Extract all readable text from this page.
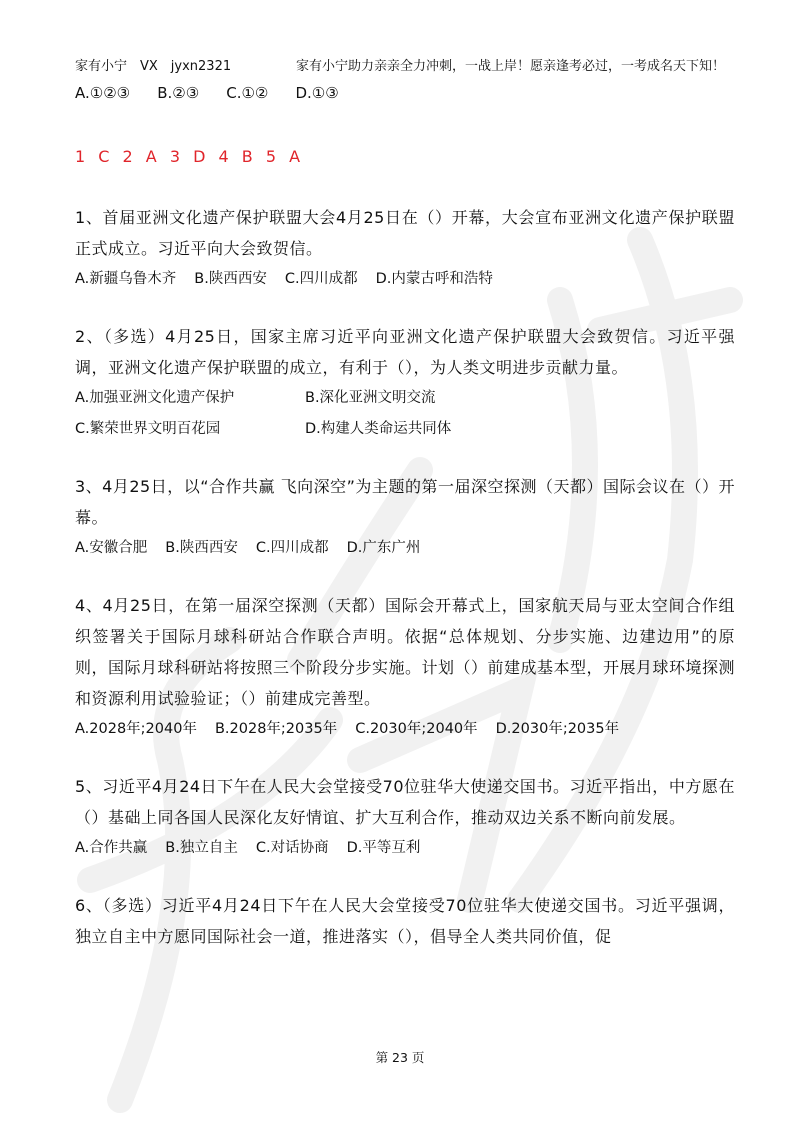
家有小宁　VX　jyxn2321	家有小宁助力亲亲全力冲刺，一战上岸！愿亲逢考必过，一考成名天下知！
A.①②③ B.②③ C.①② D.①③
1 C 2 A 3 D 4 B 5 A

1、首届亚洲文化遗产保护联盟大会4月25日在（）开幕，大会宣布亚洲文化遗产保护联盟正式成立。习近平向大会致贺信。

A.新疆乌鲁木齐 B.陕西西安 C.四川成都 D.内蒙古呼和浩特

2、（多选）4月25日，国家主席习近平向亚洲文化遗产保护联盟大会致贺信。习近平强调，亚洲文化遗产保护联盟的成立，有利于（），为人类文明进步贡献力量。

A.加强亚洲文化遗产保护	B.深化亚洲文明交流
C.繁荣世界文明百花园	D.构建人类命运共同体

3、4月25日，以“合作共赢 飞向深空”为主题的第一届深空探测（天都）国际会议在（）开幕。

A.安徽合肥 B.陕西西安 C.四川成都 D.广东广州

4、4月25日，在第一届深空探测（天都）国际会开幕式上，国家航天局与亚太空间合作组织签署关于国际月球科研站合作联合声明。依据“总体规划、分步实施、边建边用”的原则，国际月球科研站将按照三个阶段分步实施。计划（）前建成基本型，开展月球环境探测和资源利用试验验证；（）前建成完善型。

A.2028年;2040年 B.2028年;2035年 C.2030年;2040年 D.2030年;2035年

5、习近平4月24日下午在人民大会堂接受70位驻华大使递交国书。习近平指出，中方愿在（）基础上同各国人民深化友好情谊、扩大互利合作，推动双边关系不断向前发展。

A.合作共赢 B.独立自主 C.对话协商 D.平等互利

6、（多选）习近平4月24日下午在人民大会堂接受70位驻华大使递交国书。习近平强调，独立自主中方愿同国际社会一道，推进落实（），倡导全人类共同价值，促

第 23 页
